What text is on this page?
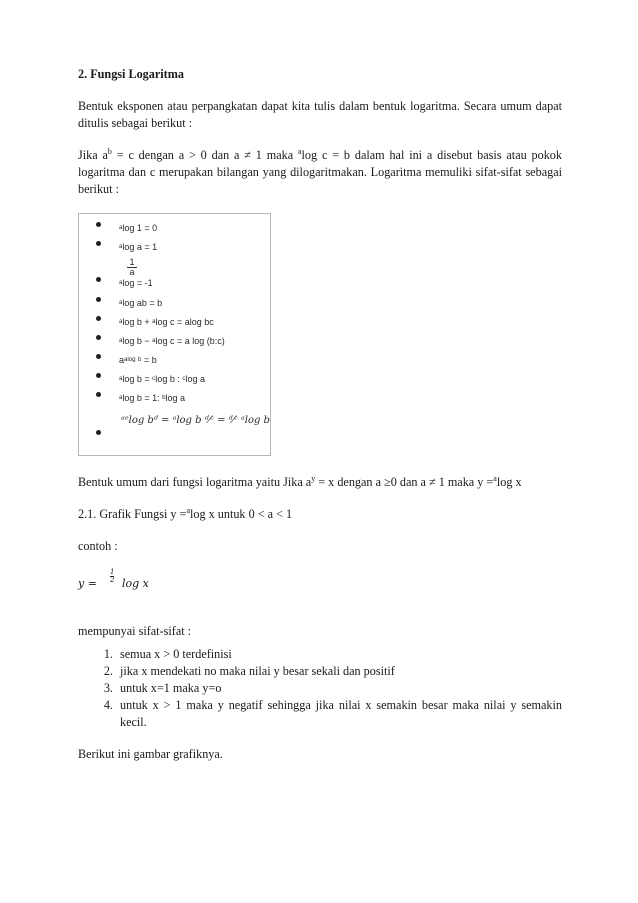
2. Fungsi Logaritma

Bentuk eksponen atau perpangkatan dapat kita tulis dalam bentuk logaritma. Secara umum dapat ditulis sebagai berikut :

Jika $a^b = c$ dengan a > 0 dan a ≠ 1 maka $^a$log c = b dalam hal ini a disebut basis atau pokok logaritma dan c merupakan bilangan yang dilogaritmakan. Logaritma memuliki sifat-sifat sebagai berikut :

ᵃlog 1 = 0
ᵃlog a = 1
$\frac{1}{a}$
ᵃlog = -1
ᵃlog ab = b
ᵃlog b + ᵃlog c = alog bc
ᵃlog b − ᵃlog c = a log (b:c)
aᵃˡᵒᵍ ᵇ = b
ᵃlog b = ᶜlog b : ᶜlog a
ᵃlog b = 1: ᵇlog a
ᵃᵉlog bᵈ = ᵃlog b ᵈ⁄ᶜ = ᵈ⁄ᶜ ᵃlog b

Bentuk umum dari fungsi logaritma yaitu Jika $a^y = x$ dengan a ≥0 dan a ≠ 1 maka y =$^a$log x

2.1. Grafik Fungsi y =$^a$log x untuk 0 < a < 1

contoh :

y =
1
2 log x

mempunyai sifat-sifat :

1. semua x > 0 terdefinisi
2. jika x mendekati no maka nilai y besar sekali dan positif
3. untuk x=1 maka y=o
4. untuk x > 1 maka y negatif sehingga jika nilai x semakin besar maka nilai y semakin kecil.

Berikut ini gambar grafiknya.
